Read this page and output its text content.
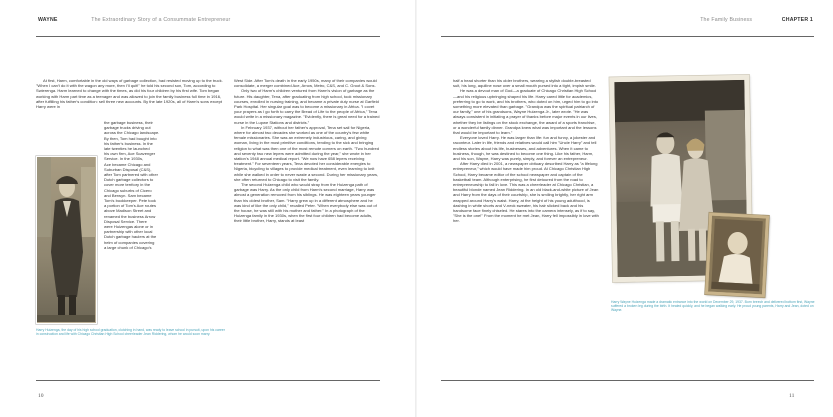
WAYNE	The Extraordinary Story of a Consummate Entrepreneur

At first, Harm, comfortable in the old ways of garbage collection, had resisted moving up to the truck. "When I can't do it with the wagon any more, then I'll quit!" he told his second son, Tom, according to Swierenga. Harm learned to change with the times, as did his four children by his first wife. Tom began working with Harm part time as a teenager and was allowed to join the family business full time in 1916, after fulfilling his father's condition: sell three new accounts. By the late 1920s, all of Harm's sons except Harry were in

the garbage business, their
garbage trucks driving out
across the Chicago landscape.
By then, Tom had bought into
his father's business. In the
late twenties he launched
his own firm, Ace Scavenger
Service. In the 1930s,
Ace became Chicago and
Suburban Disposal (C&S),
after Tom partnered with other
Dutch garbage collectors to
cover more territory in the
Chicago suburbs of Cicero
and Berwyn. Sam became
Tom's bookkeeper. Pete took
a portion of Tom's Ace routes
above Madison Street and
renamed the business Arrow
Disposal Service. There
were Huizengas alone or in
partnership with other local
Dutch garbage haulers at the
helm of companies covering
a large chunk of Chicago's
Harry Huizenga, the day of his high school graduation, clutching in hand, was ready to leave school in pursuit, upon his career in construction and life with Chicago Christian High School cheerleader Jean Riddering, whom he would soon marry.

West Side. After Tom's death in the early 1950s, many of their companies would consolidate, a merger combined Ace, Arrow, Metro, C&S, and C. Groot & Sons.

Only two of Harm's children ventured from Harm's vision of garbage as the future. His daughter, Tena, after graduating from high school, took missionary courses, enrolled in nursing training, and became a private duty nurse at Garfield Park Hospital. Her singular goal was to become a missionary in Africa. "I covet your prayers as I go forth to carry the Bread of Life to the people of Africa," Tena would write in a missionary magazine. "Evidently, there is great need for a trained nurse in the Lupwe Stations and districts."

In February 1937, without her father's approval, Tena set sail for Nigeria, where for almost two decades she worked as one of the country's few white female missionaries. She was an extremely industrious, caring, and giving woman, living in the most primitive conditions, tending to the sick and bringing religion to what was then one of the most remote corners on earth. "Two hundred and seventy two new lepers were admitted during the year," she wrote in her station's 1948 annual medical report. "We now have 658 lepers receiving treatment." For seventeen years, Tena devoted her considerable energies to Nigeria, bicycling to villages to provide medical treatment, even learning to knit while she walked in order to never waste a second. During her missionary years, she often returned to Chicago to visit the family.

The second Huizenga child who would stray from the Huizenga path of garbage was Harry. As the only child from Harm's second marriage, Harry was almost a generation removed from his siblings. He was eighteen years younger than his oldest brother, Sam. "Harry grew up in a different atmosphere and he was kind of like the only child," recalled Peter. "When everybody else was out of the house, he was still with his mother and father." In a photograph of the Huizenga family in the 1930s, when the first four children had become adults, their little brother, Harry, stands at least

10
The Family Business	CHAPTER 1

half a head shorter than his older brothers, wearing a stylish double-breasted suit, his long, aquiline nose over a small mouth pursed into a tight, impish smile.

He was a devout man of God—a graduate of Chicago Christian High School—and his religious upbringing shaped his life. Harry cared little for academics, preferring to go to work, and his brothers, who doted on him, urged him to go into something more elevated than garbage. "Grandpa was the spiritual patriarch of our family," one of his grandsons, Wayne Huizenga Jr., later wrote. "He was always consistent in initiating a prayer of thanks before major events in our lives, whether they be listings on the stock exchange, the award of a sports franchise, or a wonderful family dinner. Grandpa knew what was important and the lessons that would be important to learn."

Everyone loved Harry. He was larger than life: fun and funny, a jokester and raconteur. Later in life, friends and relatives would call him "Uncle Harry" and tell endless stories about his life, businesses, and adventures. When it came to business, though, he was destined to become one thing. Like his father, Harm, and his son, Wayne, Harry was purely, simply, and forever an entrepreneur.

After Harry died in 2001, a newspaper obituary described Harry as "a lifelong entrepreneur," which would have made him proud. At Chicago Christian High School, Harry became editor of the school newspaper and captain of the basketball team. Although enterprising, he first detoured from the road to entrepreneurship to fall in love. This was a cheerleader at Chicago Christian, a beautiful blonde named Jean Riddering. In an old black-and-white picture of Jean and Harry from the days of their courtship, she is smiling brightly, her right arm wrapped around Harry's waist. Harry, at the height of his young adulthood, is dashing in white shorts and V-neck sweater, his hair slicked back and his handsome face finely chiseled. He stares into the camera intensely, as if to say, "She is the one!" From the moment he met Jean, Harry fell impossibly in love with her.

Harry Wayne Huizenga made a dramatic entrance into the world on December 29, 1937. Born breech and delivered bottom first, Wayne suffered a broken leg during the birth. It healed quickly, and he began walking early. He proud young parents, Harry and Jean, doted on Wayne.
11
